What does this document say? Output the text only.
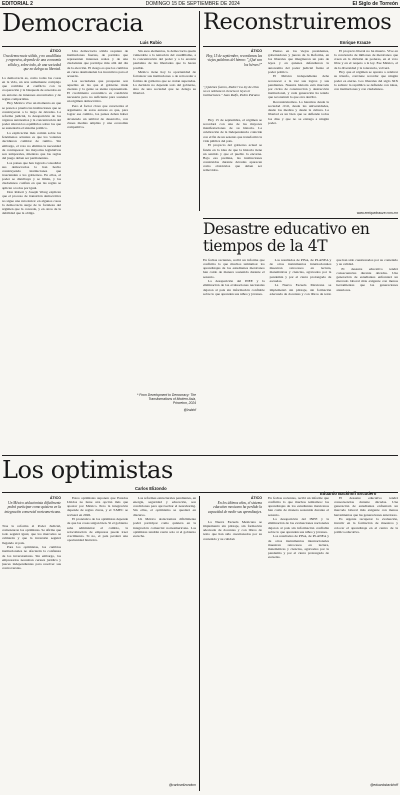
EDITORIAL 2	DOMINGO 15 DE SEPTIEMBRE DE 2024	El Siglo de Torreón
Democracia
Luis Rubio
ÁTICO
Una democracia sólida, y no caudillista y regresiva, depende de una economía sólida y, sobre todo, de una sociedad que no delega su libertad.

La democracia es, como todas las cosas en la vida, un arte sumamente complejo que combina el conflicto con la cooperación y la búsqueda de acuerdos en un entorno de intereses encontrados y de reglas compartidas.

Hoy México vive un momento en que se ponen a prueba las instituciones que se construyeron a lo largo de décadas. La reforma judicial, la desaparición de los órganos autónomos y la concentración del poder alteran los equilibrios sobre los que se sustentaba el sistema político.

La explicación más común sobre los fenómenos actuales es que los votantes decidieron cambiar de rumbo. Sin embargo, el voto no elimina la necesidad de contrapesos: las mayorías legislativas son temporales, mientras que las reglas del juego deben ser permanentes.

Los países que han logrado consolidar sus democracias lo han hecho construyendo instituciones que trascienden a los gobiernos. En ellos, el poder se distribuye y se limita, y los ciudadanos confían en que las reglas se aplican a todos por igual.

Don Robert y Joseph Wong explican que el proceso de transición democrática no sigue una ruta única: en algunos casos la democracia surge de la fortaleza del régimen que la concede, y en otros de la debilidad que la obliga.

Una democracia sólida requiere de instituciones fuertes, de partidos que representen intereses reales y de una ciudadanía que participe más allá del día de la elección. El riesgo es que los cambios en curso desmantelen los incentivos para el acuerdo.

Las sociedades que prosperan son aquellas en las que el gobierno rinde cuentas y la gente se siente representada. El crecimiento económico es condición necesaria pero no suficiente para sostener un régimen democrático.

Pero el factor clave que caracteriza al argumento de estos autores es que, para lograr ese cambio, los países deben haber alcanzado un umbral de desarrollo, con clases medias amplias y una economía competitiva.

Sin esos elementos, la democracia queda vulnerable a la tentación del caudillismo, a la concentración del poder y a la erosión paulatina de las libertades que la hacen posible.

México tiene hoy la oportunidad de fortalecer sus instituciones o de retroceder a formas de gobierno que se creían superadas. La decisión no depende solo del gobierno, sino de una sociedad que no delega su libertad.

* From Development to Democracy: The Transformations of Modern Asia, Princeton, 2024
@lrubiof
Reconstruiremos
Enrique Krauze
ÁTICO
Hoy, 15 de septiembre, recordamos las viejas palabras del himno: "¿Qué son los héroes?"
"¿Quiénes fueron, Padre? La ley de ellos no es nobleza ni ciencia ni leyes ni instituciones." Juan Rulfo, Pedro Páramo

Hoy 15 de septiembre, el régimen se recordará con una de las mayores manifestaciones de su historia. La celebración de la Independencia coincide con el fin de un sexenio que transformó la vida pública del país.

El proyecto del gobierno actual se funda en la idea de que la historia tiene un sentido y que el pueblo la encarna. Bajo esa premisa, las instituciones construidas durante décadas aparecen como obstáculos que deben ser removidos.

Pienso en los viejos presidentes, gobernadores y jueces de la Reforma, en los liberales que imaginaron un país de leyes y en quienes defendieron la autonomía del poder judicial frente al poder político.

El México independiente debe reconocer a la vez sus logros y sus pendientes. Nuestra historia está marcada por ciclos de construcción y destrucción institucional, y cada generación ha tenido que reconstruir lo que otra derribó.

Reconstruiremos. Lo haremos desde la sociedad civil, desde las universidades, desde los medios y desde la cultura. La libertad es un bien que se defiende todos los días y que no se entrega a ningún poder.

El proyecto liberal no ha muerto. Vive en la conciencia de millones de mexicanos que creen en la división de poderes, en el voto libre y en el respeto a la ley. Ese México, el de la diversidad y la tolerancia, volverá.

Hoy que el régimen se apresta a celebrar su triunfo, conviene recordar que ningún poder es eterno. Los liberales del siglo XIX lo sabían: la república se defiende con ideas, con instituciones y con ciudadanos.

www.enriquekrauze.com.mx
Desastre educativo en tiempos de la 4T
Los optimistas
Carlos Elizondo
Eduardo Backhoff Escudero
ÁTICO
Un México aislacionista difícilmente podrá participar como quisiera en la integración comercial norteamericana.

Tras la reforma al Poder Judicial, comenzaron los optimistas. Se afirma que todo seguirá igual, que los mercados se calmarán y que la inversión seguirá llegando al país.

Para los optimistas, los cambios institucionales no afectarán la confianza de los inversionistas. Sin embargo, los empresarios necesitan certeza jurídica y jueces independientes para resolver sus controversias.

Estos optimistas suponen que Estados Unidos no tiene otra opción más que apostar por México. Pero la integración depende de reglas claras, y el T-MEC se revisará en 2026.

El pronóstico de los optimistas depende de que las cosas salgan bien. Si el gobierno sabe administrar el cambio, la relocalización de empresas puede traer crecimiento. Si no, el país perderá una oportunidad histórica.

Las reformas estructurales pendientes, en energía, seguridad y educación, son condiciones para aprovechar el nearshoring. Sin ellas, el optimismo se quedará en discurso.

Un México aislacionista difícilmente podrá participar como quisiera en la integración comercial norteamericana. Los optimistas tendrán razón solo si el gobierno escucha.

@carloselizondom
ÁTICO
En los últimos años, el sistema educativo mexicano ha perdido la capacidad de medir sus aprendizajes.

En fechas recientes, recibí un informe que confirma lo que muchos temíamos: los aprendizajes de los estudiantes mexicanos han caído de manera sostenida durante el sexenio.

La desaparición del INEE y la eliminación de las evaluaciones nacionales dejaron al país sin información confiable sobre lo que aprenden sus niños y jóvenes.

Los resultados de PISA, de PLANEA y de otros instrumentos internacionales muestran retrocesos en lectura, matemáticas y ciencias, agravados por la pandemia y por el cierre prolongado de escuelas.

La Nueva Escuela Mexicana se implementó sin pilotaje, sin formación adecuada de docentes y con libros de texto que han sido cuestionados por su contenido y su calidad.

El desastre educativo tendrá consecuencias durante décadas. Una generación de estudiantes enfrentará un mercado laboral más exigente con menos herramientas que las generaciones anteriores.

Es urgente recuperar la evaluación, invertir en la formación de maestros y colocar el aprendizaje en el centro de la política educativa.

@eduardobackhoff

En fechas recientes, recibí un informe que confirma lo que muchos temíamos: los aprendizajes de los estudiantes mexicanos han caído de manera sostenida durante el sexenio.

La desaparición del INEE y la eliminación de las evaluaciones nacionales dejaron al país sin información confiable sobre lo que aprenden sus niños y jóvenes.

Los resultados de PISA, de PLANEA y de otros instrumentos internacionales muestran retrocesos en lectura, matemáticas y ciencias, agravados por la pandemia y por el cierre prolongado de escuelas.

La Nueva Escuela Mexicana se implementó sin pilotaje, sin formación adecuada de docentes y con libros de texto que han sido cuestionados por su contenido y su calidad.

El desastre educativo tendrá consecuencias durante décadas. Una generación de estudiantes enfrentará un mercado laboral más exigente con menos herramientas que las generaciones anteriores.
